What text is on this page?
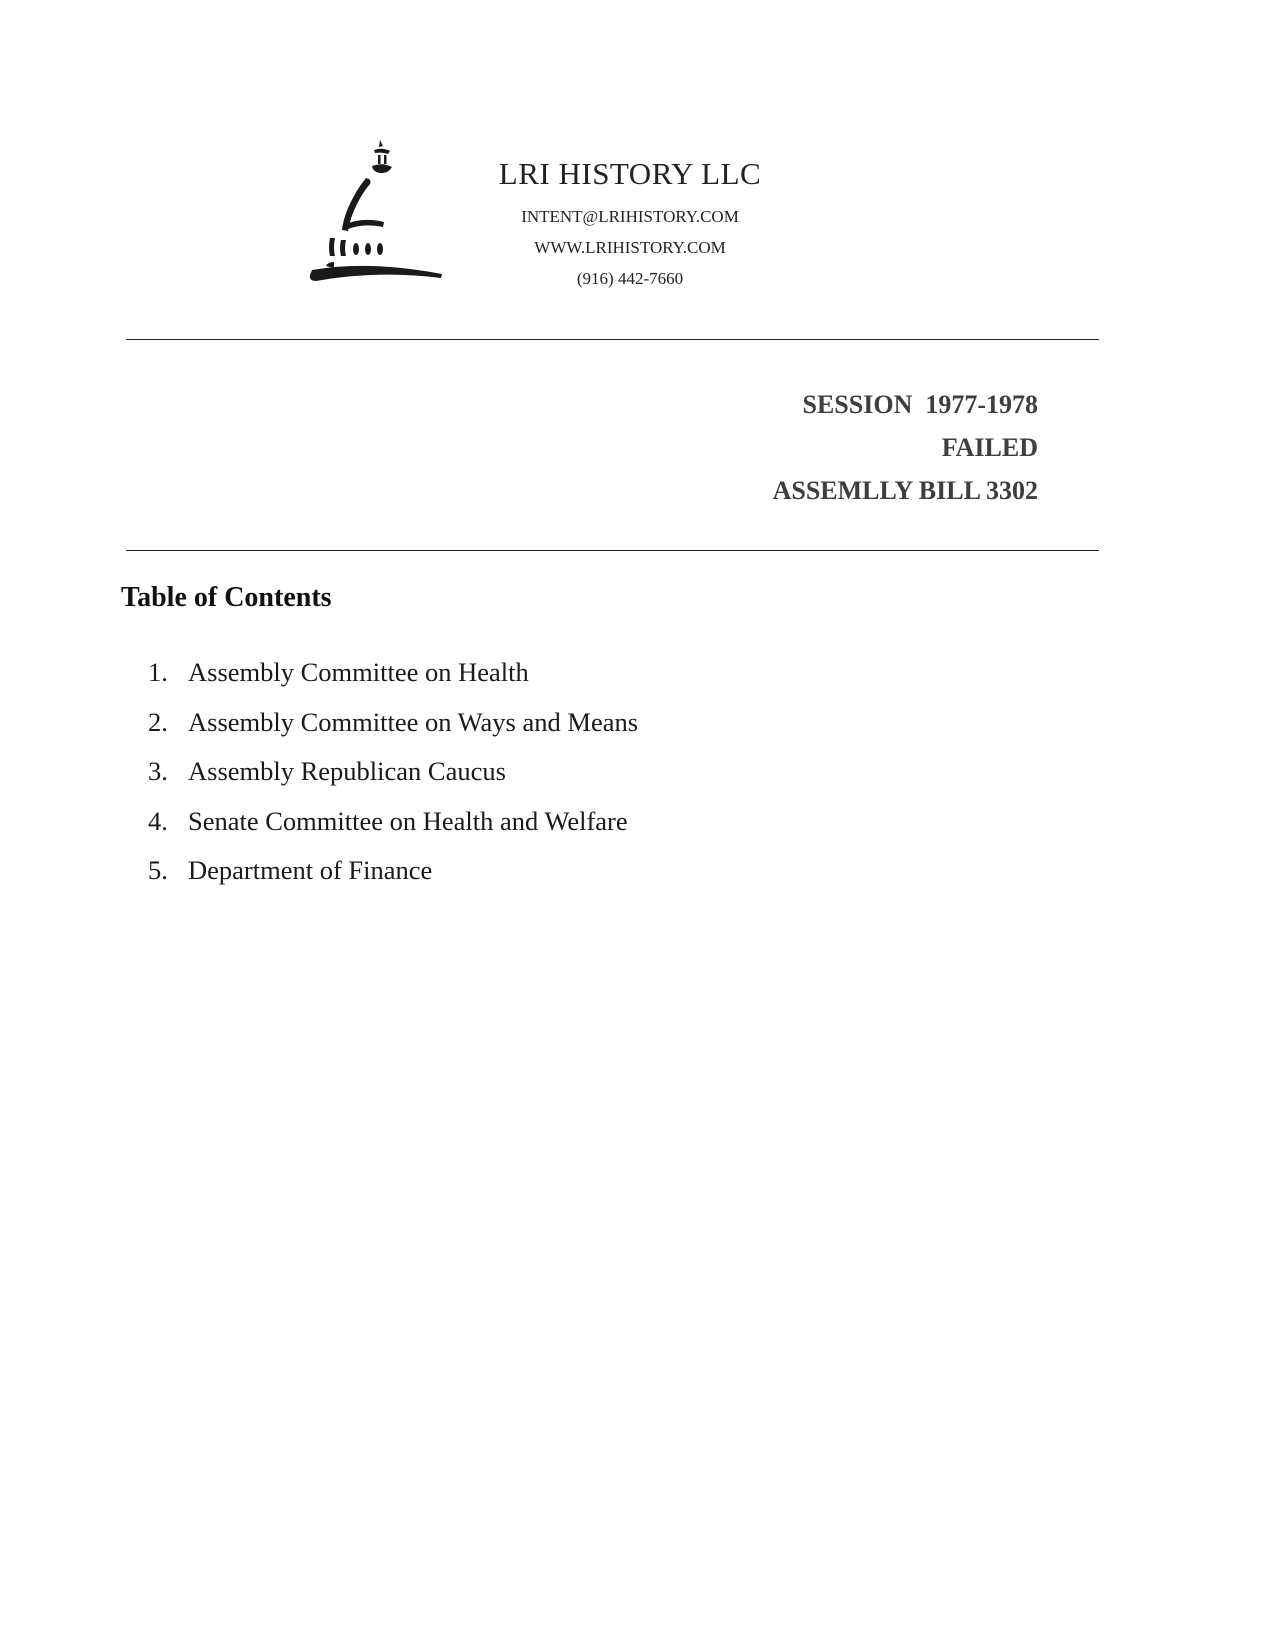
LRI HISTORY LLC
INTENT@LRIHISTORY.COM
WWW.LRIHISTORY.COM
(916) 442-7660
SESSION  1977-1978
FAILED
ASSEMLLY BILL 3302
Table of Contents
1. Assembly Committee on Health
2. Assembly Committee on Ways and Means
3. Assembly Republican Caucus
4. Senate Committee on Health and Welfare
5. Department of Finance
